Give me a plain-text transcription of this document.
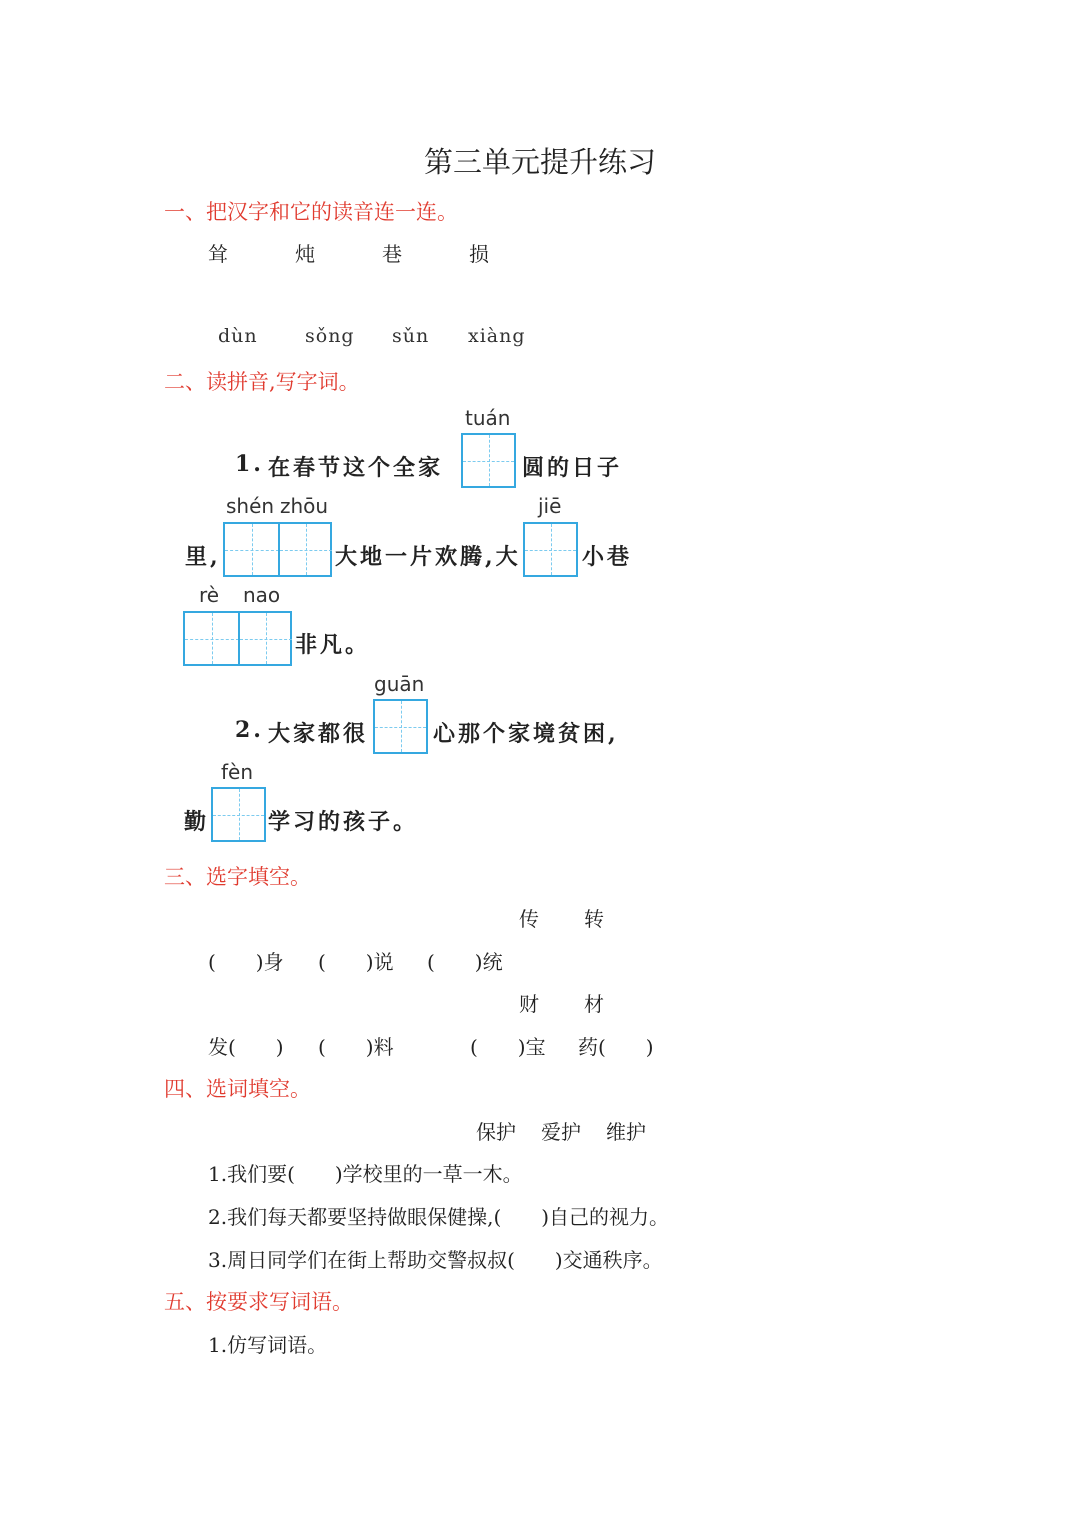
第三单元提升练习
一、把汉字和它的读音连一连。
耸	炖	巷	损
dùn sǒng sǔn xiàng
二、读拼音,写字词。
tuán
1. 在春节这个全家	圆的日子
shén zhōu	jiē
里,	大地一片欢腾,大	小巷
rè nao
非凡。
guān
2. 大家都很	心那个家境贫困,
fèn
勤	学习的孩子。
三、选字填空。
传 转
(　　)身 (　　)说 (　　)统
财 材
发(　　) (　　)料	(　　)宝 药(　　)
四、选词填空。
保护 爱护 维护
1.我们要(　　)学校里的一草一木。
2.我们每天都要坚持做眼保健操,(　　)自己的视力。
3.周日同学们在街上帮助交警叔叔(　　)交通秩序。
五、按要求写词语。
1.仿写词语。
